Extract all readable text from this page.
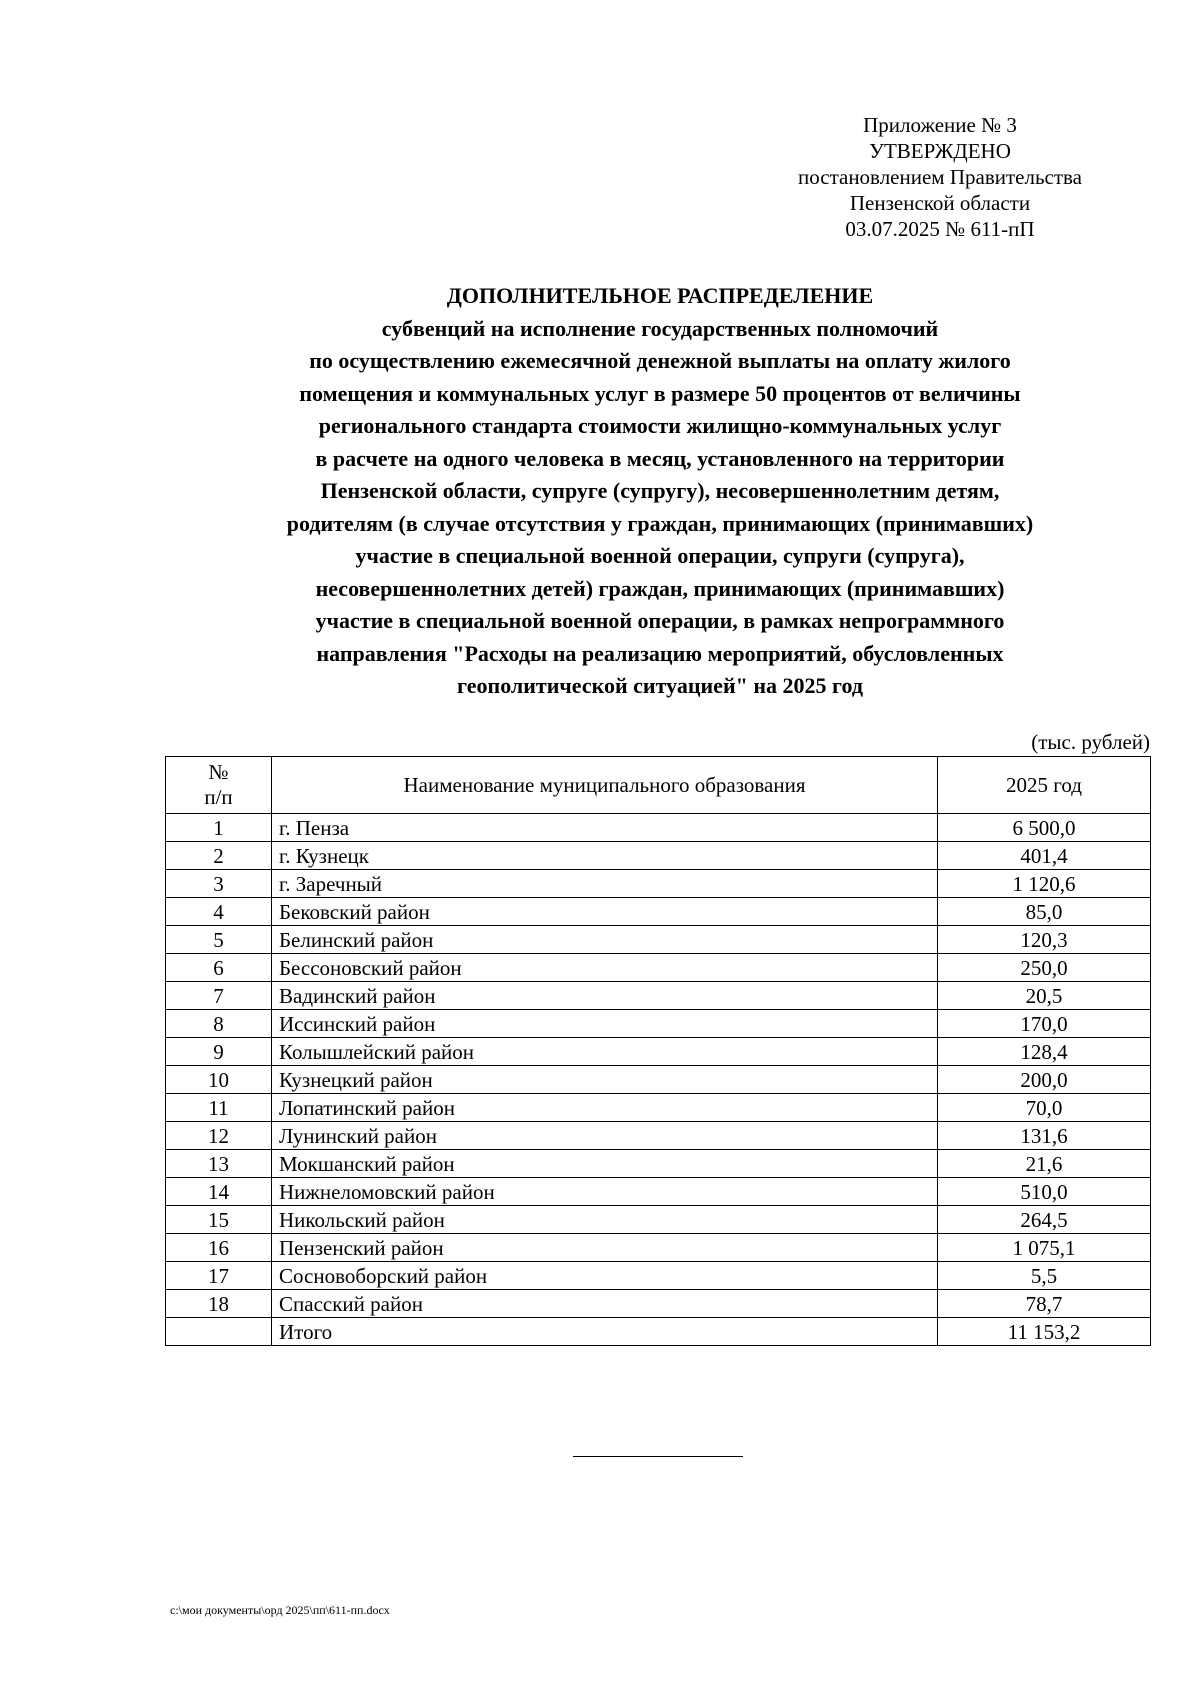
Приложение № 3
УТВЕРЖДЕНО
постановлением Правительства
Пензенской области
03.07.2025 № 611-пП
ДОПОЛНИТЕЛЬНОЕ РАСПРЕДЕЛЕНИЕ
субвенций на исполнение государственных полномочий
по осуществлению ежемесячной денежной выплаты на оплату жилого
помещения и коммунальных услуг в размере 50 процентов от величины
регионального стандарта стоимости жилищно-коммунальных услуг
в расчете на одного человека в месяц, установленного на территории
Пензенской области, супруге (супругу), несовершеннолетним детям,
родителям (в случае отсутствия у граждан, принимающих (принимавших)
участие в специальной военной операции, супруги (супруга),
несовершеннолетних детей) граждан, принимающих (принимавших)
участие в специальной военной операции, в рамках непрограммного
направления "Расходы на реализацию мероприятий, обусловленных
геополитической ситуацией" на 2025 год
(тыс. рублей)
№
п/п	Наименование муниципального образования	2025 год
1	г. Пенза	6 500,0
2	г. Кузнецк	401,4
3	г. Заречный	1 120,6
4	Бековский район	85,0
5	Белинский район	120,3
6	Бессоновский район	250,0
7	Вадинский район	20,5
8	Иссинский район	170,0
9	Колышлейский район	128,4
10	Кузнецкий район	200,0
11	Лопатинский район	70,0
12	Лунинский район	131,6
13	Мокшанский район	21,6
14	Нижнеломовский район	510,0
15	Никольский район	264,5
16	Пензенский район	1 075,1
17	Сосновоборский район	5,5
18	Спасский район	78,7
	Итого	11 153,2
c:\мои документы\орд 2025\пп\611-пп.docx
